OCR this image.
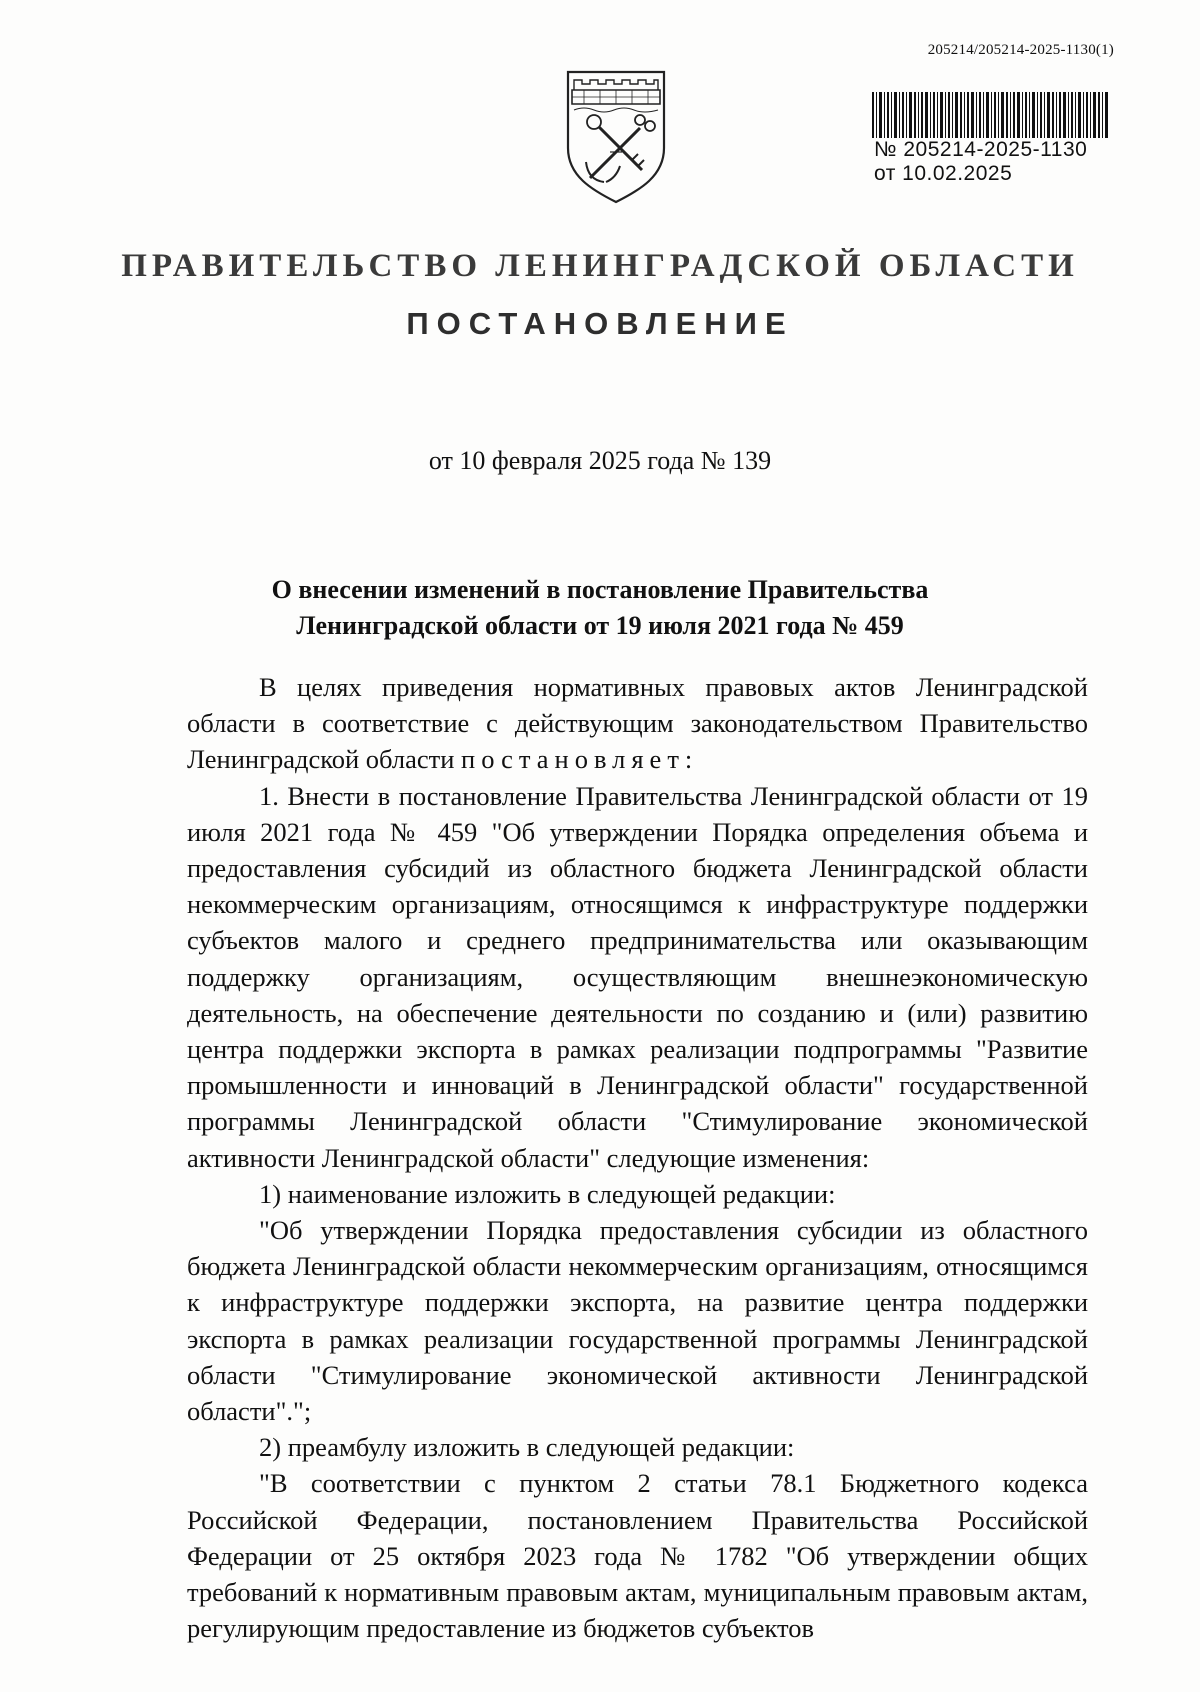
205214/205214-2025-1130(1)
№ 205214-2025-1130
от 10.02.2025
ПРАВИТЕЛЬСТВО ЛЕНИНГРАДСКОЙ ОБЛАСТИ
ПОСТАНОВЛЕНИЕ
от 10 февраля 2025 года № 139
О внесении изменений в постановление Правительства
Ленинградской области от 19 июля 2021 года № 459

В целях приведения нормативных правовых актов Ленинградской области в соответствие с действующим законодательством Правительство Ленинградской области постановляет:

1. Внести в постановление Правительства Ленинградской области от 19 июля 2021 года № 459 "Об утверждении Порядка определения объема и предоставления субсидий из областного бюджета Ленинградской области некоммерческим организациям, относящимся к инфраструктуре поддержки субъектов малого и среднего предпринимательства или оказывающим поддержку организациям, осуществляющим внешнеэкономическую деятельность, на обеспечение деятельности по созданию и (или) развитию центра поддержки экспорта в рамках реализации подпрограммы "Развитие промышленности и инноваций в Ленинградской области" государственной программы Ленинградской области "Стимулирование экономической активности Ленинградской области" следующие изменения:

1) наименование изложить в следующей редакции:

"Об утверждении Порядка предоставления субсидии из областного бюджета Ленинградской области некоммерческим организациям, относящимся к инфраструктуре поддержки экспорта, на развитие центра поддержки экспорта в рамках реализации государственной программы Ленинградской области "Стимулирование экономической активности Ленинградской области".";

2) преамбулу изложить в следующей редакции:

"В соответствии с пунктом 2 статьи 78.1 Бюджетного кодекса Российской Федерации, постановлением Правительства Российской Федерации от 25 октября 2023 года № 1782 "Об утверждении общих требований к нормативным правовым актам, муниципальным правовым актам, регулирующим предоставление из бюджетов субъектов
